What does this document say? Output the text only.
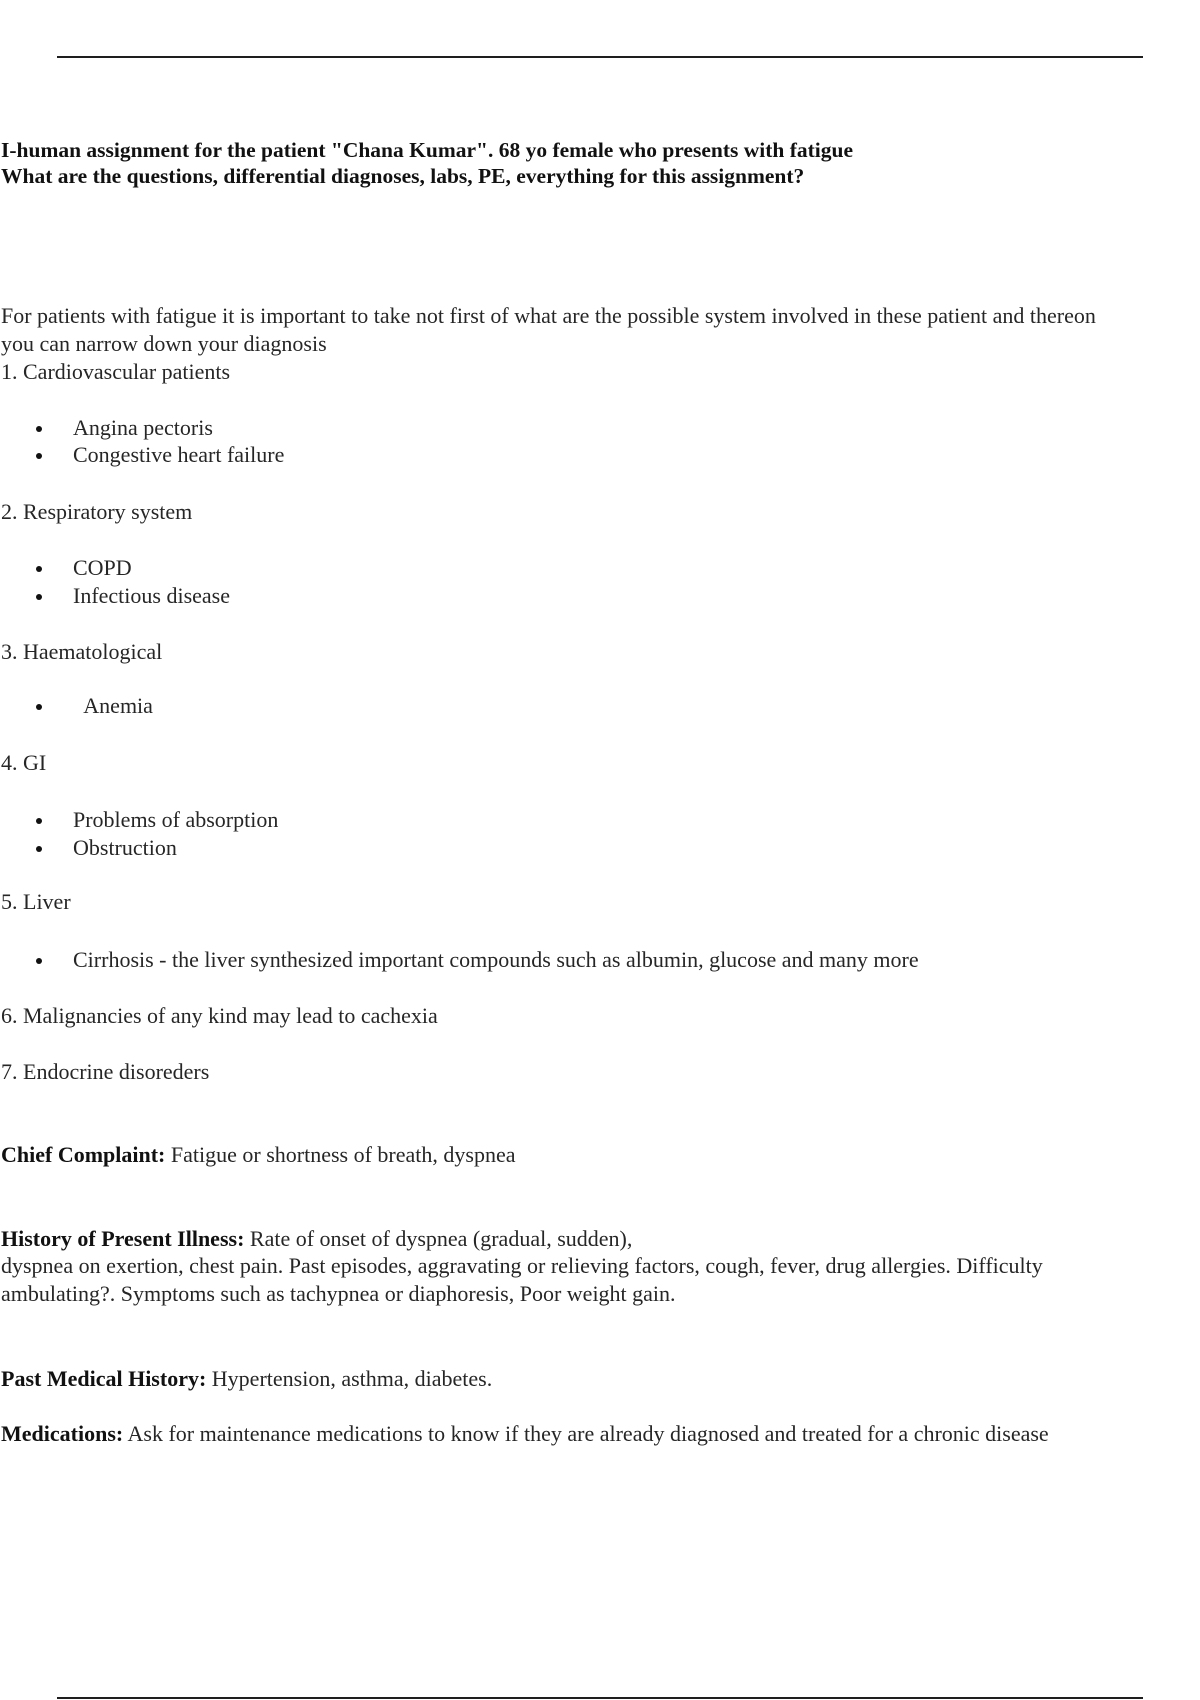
I-human assignment for the patient "Chana Kumar". 68 yo female who presents with fatigue
What are the questions, differential diagnoses, labs, PE, everything for this assignment?
For patients with fatigue it is important to take not first of what are the possible system involved in these patient and thereon
you can narrow down your diagnosis
1. Cardiovascular patients
Angina pectoris
Congestive heart failure
2. Respiratory system
COPD
Infectious disease
3. Haematological
Anemia
4. GI
Problems of absorption
Obstruction
5. Liver
Cirrhosis - the liver synthesized important compounds such as albumin, glucose and many more
6. Malignancies of any kind may lead to cachexia
7. Endocrine disoreders
Chief Complaint: Fatigue or shortness of breath, dyspnea
History of Present Illness: Rate of onset of dyspnea (gradual, sudden),
dyspnea on exertion, chest pain. Past episodes, aggravating or relieving factors, cough, fever, drug allergies. Difficulty
ambulating?. Symptoms such as tachypnea or diaphoresis, Poor weight gain.
Past Medical History: Hypertension, asthma, diabetes.
Medications: Ask for maintenance medications to know if they are already diagnosed and treated for a chronic disease
